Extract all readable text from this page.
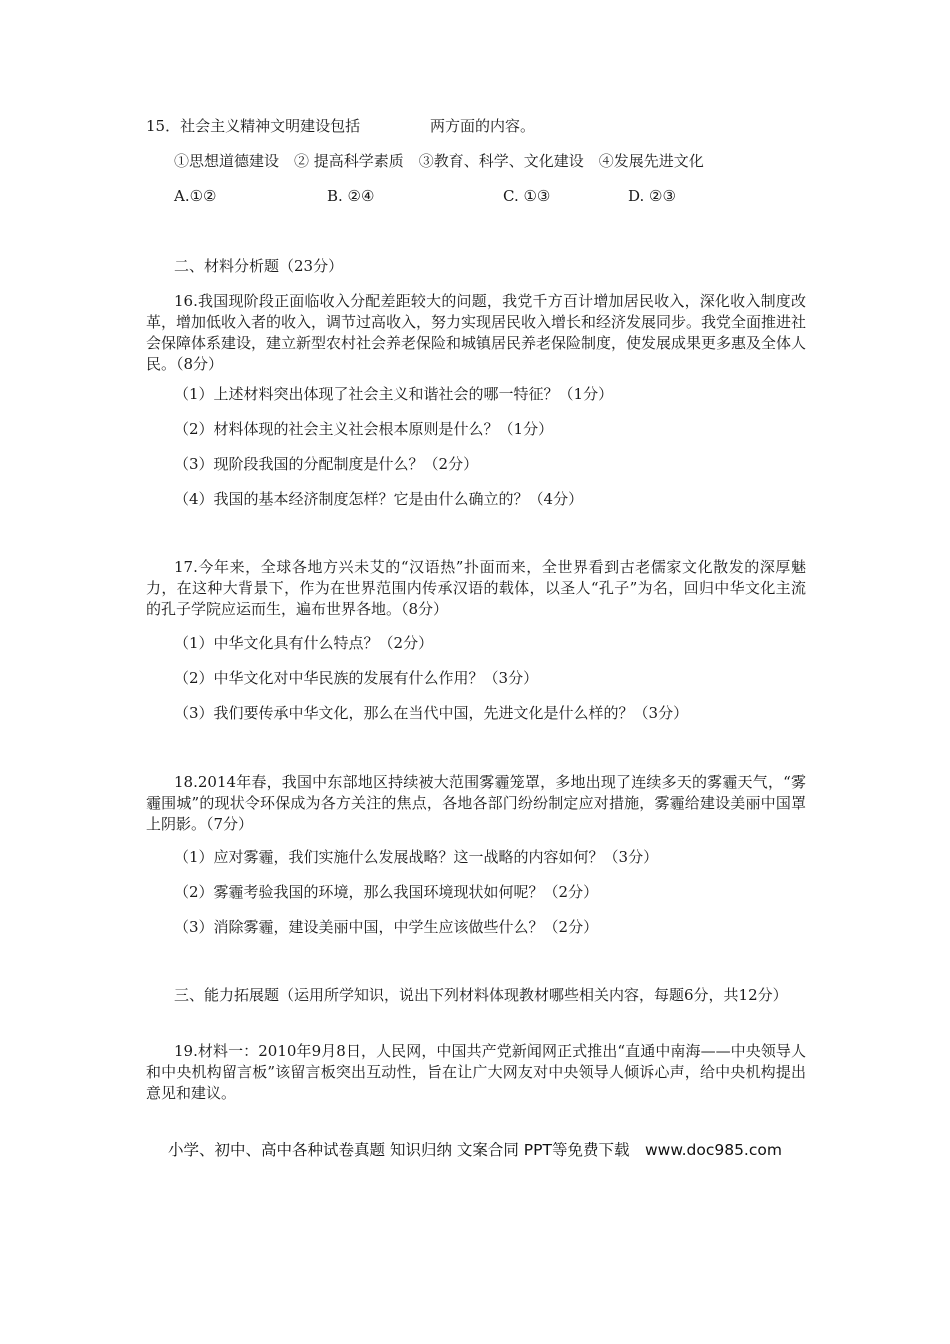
15．社会主义精神文明建设包括	两方面的内容。
①思想道德建设　② 提高科学素质　③教育、科学、文化建设　④发展先进文化
A.①②	B. ②④	C. ①③	D. ②③
二、材料分析题（23分）
16.我国现阶段正面临收入分配差距较大的问题，我党千方百计增加居民收入，深化收入制度改革，增加低收入者的收入，调节过高收入，努力实现居民收入增长和经济发展同步。我党全面推进社会保障体系建设，建立新型农村社会养老保险和城镇居民养老保险制度，使发展成果更多惠及全体人民。（8分）
（1）上述材料突出体现了社会主义和谐社会的哪一特征？（1分）
（2）材料体现的社会主义社会根本原则是什么？（1分）
（3）现阶段我国的分配制度是什么？（2分）
（4）我国的基本经济制度怎样？它是由什么确立的？（4分）
17.今年来，全球各地方兴未艾的“汉语热”扑面而来，全世界看到古老儒家文化散发的深厚魅力，在这种大背景下，作为在世界范围内传承汉语的载体，以圣人“孔子”为名，回归中华文化主流的孔子学院应运而生，遍布世界各地。（8分）
（1）中华文化具有什么特点？（2分）
（2）中华文化对中华民族的发展有什么作用？（3分）
（3）我们要传承中华文化，那么在当代中国，先进文化是什么样的？（3分）
18.2014年春，我国中东部地区持续被大范围雾霾笼罩，多地出现了连续多天的雾霾天气，“雾霾围城”的现状令环保成为各方关注的焦点，各地各部门纷纷制定应对措施，雾霾给建设美丽中国罩上阴影。（7分）
（1）应对雾霾，我们实施什么发展战略？这一战略的内容如何？（3分）
（2）雾霾考验我国的环境，那么我国环境现状如何呢？（2分）
（3）消除雾霾，建设美丽中国，中学生应该做些什么？（2分）
三、能力拓展题（运用所学知识，说出下列材料体现教材哪些相关内容，每题6分，共12分）
19.材料一：2010年9月8日，人民网，中国共产党新闻网正式推出“直通中南海——中央领导人和中央机构留言板”该留言板突出互动性，旨在让广大网友对中央领导人倾诉心声，给中央机构提出意见和建议。
小学、初中、高中各种试卷真题 知识归纳 文案合同 PPT等免费下载　www.doc985.com
